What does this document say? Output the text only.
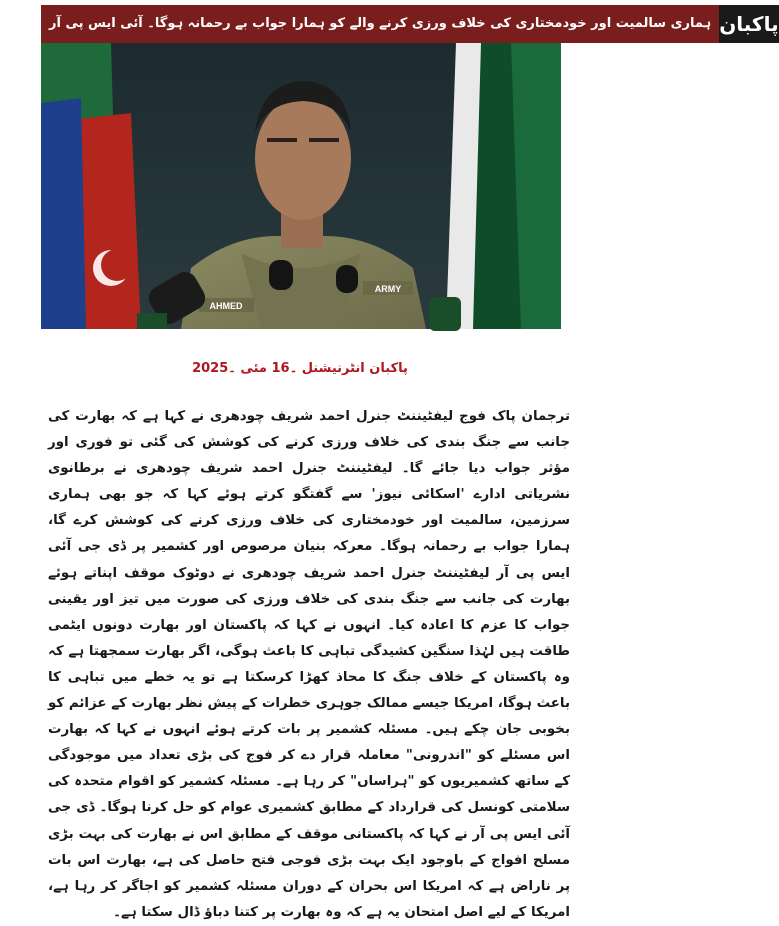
ہماری سالمیت اور خودمختاری کی خلاف ورزی کرنے والے کو ہمارا جواب بے رحمانہ ہوگا۔ آئی ایس پی آر پاکبان
AHMED
ARMY
پاکبان انٹرنیشنل ۔16 مئی ۔2025
ترجمان پاک فوج لیفٹیننٹ جنرل احمد شریف چودھری نے کہا ہے کہ بھارت کی جانب سے جنگ بندی کی خلاف ورزی کرنے کی کوشش کی گئی تو فوری اور مؤثر جواب دیا جائے گا۔ لیفٹیننٹ جنرل احمد شریف چودھری نے برطانوی نشریاتی ادارے 'اسکائی نیوز' سے گفتگو کرتے ہوئے کہا کہ جو بھی ہماری سرزمین، سالمیت اور خودمختاری کی خلاف ورزی کرنے کی کوشش کرے گا، ہمارا جواب بے رحمانہ ہوگا۔ معرکہ بنیان مرصوص اور کشمیر پر ڈی جی آئی ایس پی آر لیفٹیننٹ جنرل احمد شریف چودھری نے دوٹوک موقف اپناتے ہوئے بھارت کی جانب سے جنگ بندی کی خلاف ورزی کی صورت میں تیز اور یقینی جواب کا عزم کا اعادہ کیا۔ انہوں نے کہا کہ پاکستان اور بھارت دونوں ایٹمی طاقت ہیں لہٰذا سنگین کشیدگی تباہی کا باعث ہوگی، اگر بھارت سمجھتا ہے کہ وہ پاکستان کے خلاف جنگ کا محاذ کھڑا کرسکتا ہے تو یہ خطے میں تباہی کا باعث ہوگا، امریکا جیسے ممالک جوہری خطرات کے پیش نظر بھارت کے عزائم کو بخوبی جان چکے ہیں۔ مسئلہ کشمیر پر بات کرتے ہوئے انہوں نے کہا کہ بھارت اس مسئلے کو "اندرونی" معاملہ قرار دے کر فوج کی بڑی تعداد میں موجودگی کے ساتھ کشمیریوں کو "ہراساں" کر رہا ہے۔ مسئلہ کشمیر کو اقوام متحدہ کی سلامتی کونسل کی قرارداد کے مطابق کشمیری عوام کو حل کرنا ہوگا۔ ڈی جی آئی ایس پی آر نے کہا کہ پاکستانی موقف کے مطابق اس نے بھارت کی بہت بڑی مسلح افواج کے باوجود ایک بہت بڑی فوجی فتح حاصل کی ہے، بھارت اس بات پر ناراض ہے کہ امریکا اس بحران کے دوران مسئلہ کشمیر کو اجاگر کر رہا ہے، امریکا کے لیے اصل امتحان یہ ہے کہ وہ بھارت پر کتنا دباؤ ڈال سکتا ہے۔
